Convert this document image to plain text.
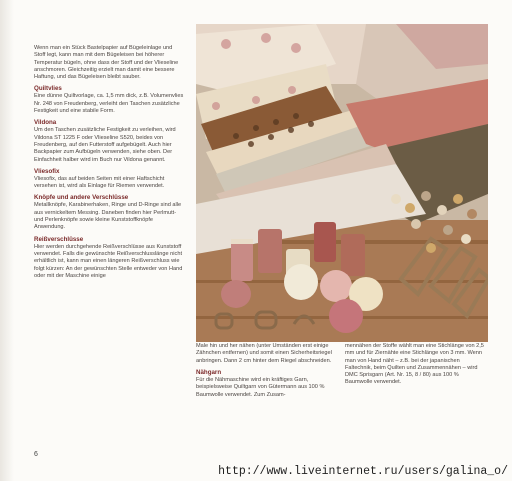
Wenn man ein Stück Bastelpapier auf Bügeleinlage und Stoff legt, kann man mit dem Bügeleisen bei höherer Temperatur bügeln, ohne dass der Stoff und der Vlieseline anschmoren. Gleichzeitig erzielt man damit eine bessere Haftung, und das Bügeleisen bleibt sauber.

Quiltvlies

Eine dünne Quiltvorlage, ca. 1,5 mm dick, z.B. Volumenvlies Nr. 248 von Freudenberg, verleiht den Taschen zusätzliche Festigkeit und eine stabile Form.

Vildona

Um den Taschen zusätzliche Festigkeit zu verleihen, wird Vildona ST 1225 F oder Vlieseline S520, beides von Freudenberg, auf den Futterstoff aufgebügelt. Auch hier Backpapier zum Aufbügeln verwenden, siehe oben. Der Einfachheit halber wird im Buch nur Vildona genannt.

Vliesofix

Vliesofix, das auf beiden Seiten mit einer Haftschicht versehen ist, wird als Einlage für Riemen verwendet.

Knöpfe und andere Verschlüsse

Metallknöpfe, Karabinerhaken, Ringe und D-Ringe sind alle aus vernickeltem Messing. Daneben finden hier Perlmutt- und Perlenknöpfe sowie kleine Kunststoffknöpfe Anwendung.

Reißverschlüsse

Hier werden durchgehende Reißverschlüsse aus Kunststoff verwendet. Falls die gewünschte Reißverschlusslänge nicht erhältlich ist, kann man einen längeren Reißverschluss wie folgt kürzen: An der gewünschten Stelle entweder von Hand oder mit der Maschine einige

Male hin und her nähen (unter Umständen erst einige Zähnchen entfernen) und somit einen Sicherheitsriegel anbringen. Dann 2 cm hinter dem Riegel abschneiden.

Nähgarn

Für die Nähmaschine wird ein kräftiges Garn, beispielsweise Quiltgarn von Gütermann aus 100 % Baumwolle verwendet. Zum Zusam-

mennähen der Stoffe wählt man eine Stichlänge von 2,5 mm und für Ziernähte eine Stichlänge von 3 mm. Wenn man von Hand näht – z.B. bei der japanischen Faltechnik, beim Quilten und Zusammennähen – wird DMC Sprisgarn (Art. Nr. 15, 8 / 80) aus 100 % Baumwolle verwendet.

6
http://www.liveinternet.ru/users/galina_o/
